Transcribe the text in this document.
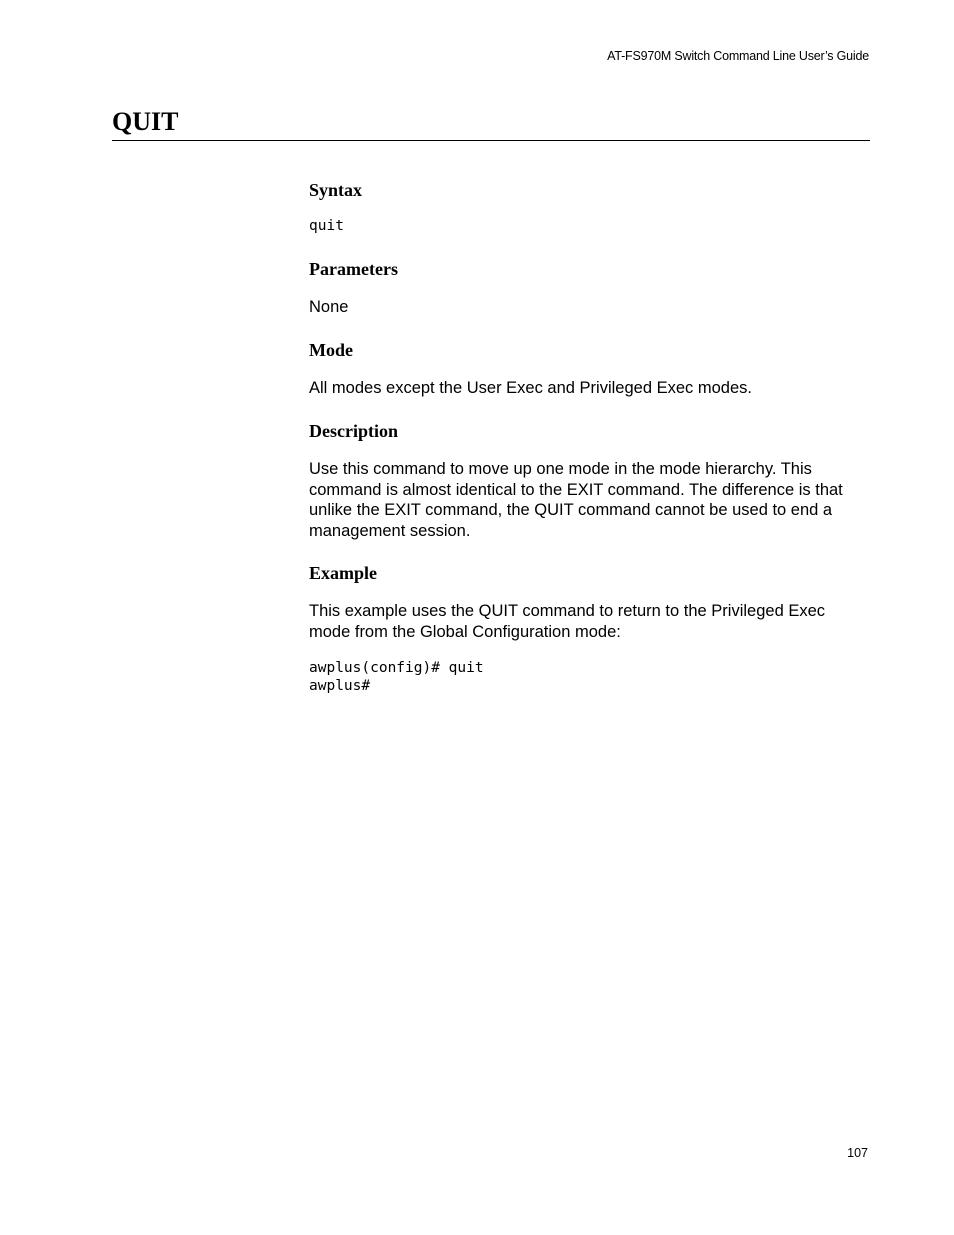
AT-FS970M Switch Command Line User’s Guide
QUIT
Syntax
quit
Parameters

None

Mode

All modes except the User Exec and Privileged Exec modes.

Description

Use this command to move up one mode in the mode hierarchy. This command is almost identical to the EXIT command. The difference is that unlike the EXIT command, the QUIT command cannot be used to end a management session.

Example

This example uses the QUIT command to return to the Privileged Exec mode from the Global Configuration mode:

awplus(config)# quit
awplus#
107
